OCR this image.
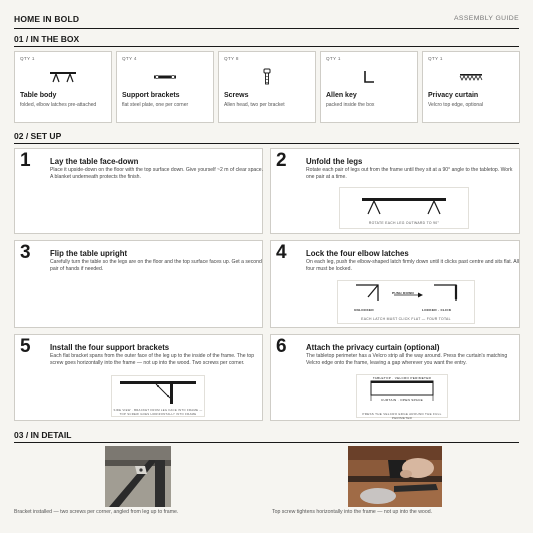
HOME IN BOLD	ASSEMBLY GUIDE
01 / IN THE BOX
QTY 1
Table body
folded, elbow latches pre-attached
QTY 4
Support brackets
flat steel plate, one per corner
QTY 8
Screws
Allen head, two per bracket
QTY 1
Allen key
packed inside the box
QTY 1
Privacy curtain
Velcro top edge, optional
02 / SET UP
1 Lay the table face-down
Place it upside-down on the floor with the top surface down. Give yourself ~2 m of clear space. A blanket underneath protects the finish.
2 Unfold the legs
Rotate each pair of legs out from the frame until they sit at a 90° angle to the tabletop. Work one pair at a time.
ROTATE EACH LEG OUTWARD TO 90°
3 Flip the table upright
Carefully turn the table so the legs are on the floor and the top surface faces up. Get a second pair of hands if needed.
4 Lock the four elbow latches
On each leg, push the elbow-shaped latch firmly down until it clicks past centre and sits flat. All four must be locked.
PUSH DOWN
UNLOCKED	LOCKED · CLICK
EACH LATCH MUST CLICK FLAT — FOUR TOTAL
5 Install the four support brackets
Each flat bracket spans from the outer face of the leg up to the inside of the frame. The top screw goes horizontally into the frame — not up into the wood. Two screws per corner.
SIDE VIEW · BRACKET FROM LEG FACE INTO FRAME — TOP SCREW GOES HORIZONTALLY INTO FRAME
6 Attach the privacy curtain (optional)
The tabletop perimeter has a Velcro strip all the way around. Press the curtain's matching Velcro edge onto the frame, leaving a gap wherever you want the entry.
TABLETOP · VELCRO PERIMETER
CURTAIN · OPEN SPACE
PRESS THE VELCRO EDGE AROUND THE FULL PERIMETER
03 / IN DETAIL
Bracket installed — two screws per corner, angled from leg up to frame.	Top screw tightens horizontally into the frame — not up into the wood.
